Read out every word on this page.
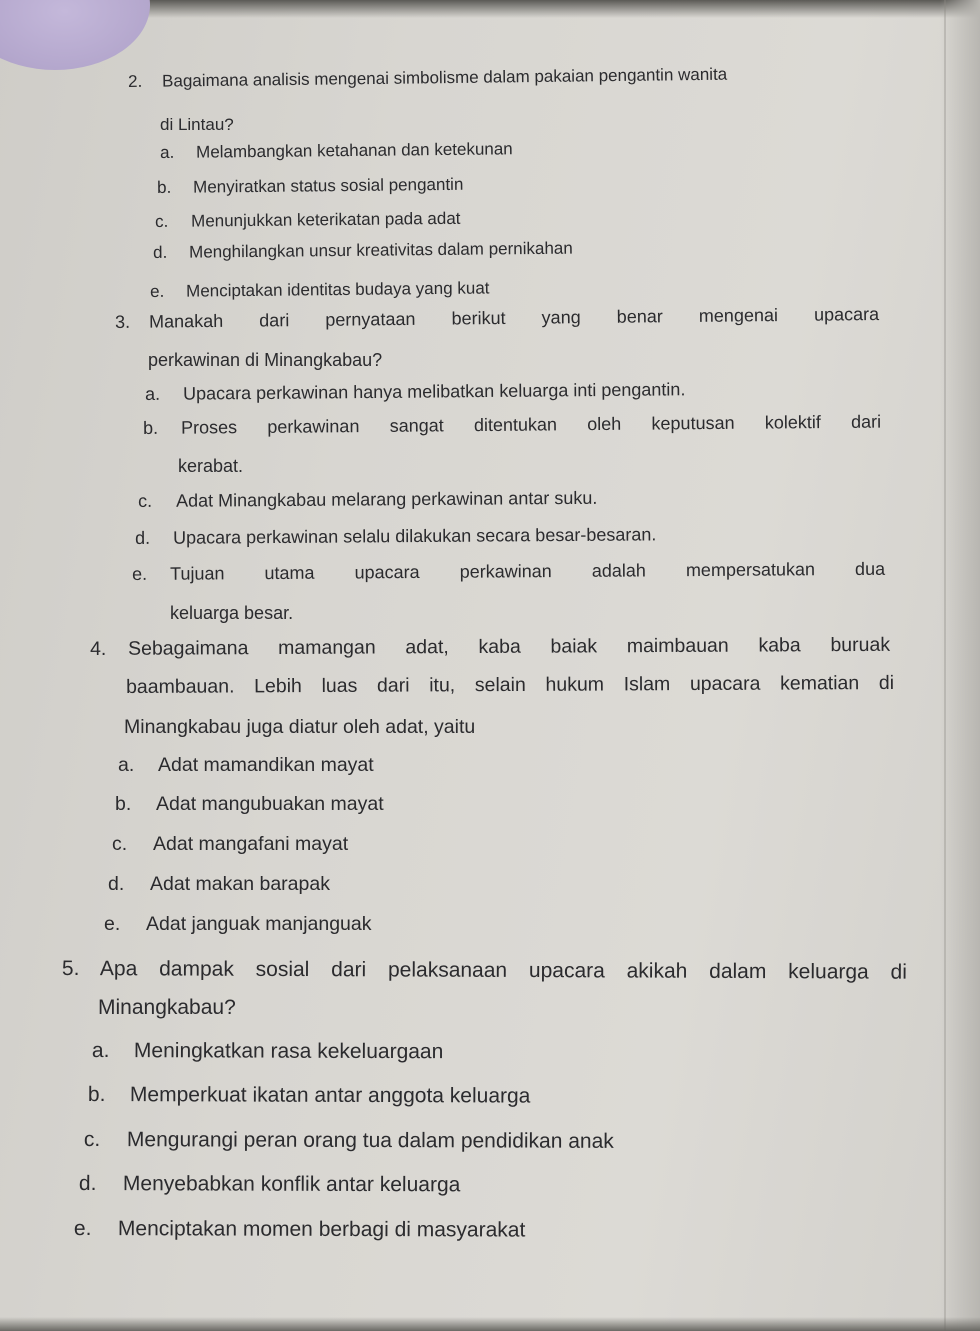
2. Bagaimana analisis mengenai simbolisme dalam pakaian pengantin wanita
di Lintau?
a. Melambangkan ketahanan dan ketekunan
b. Menyiratkan status sosial pengantin
c. Menunjukkan keterikatan pada adat
d. Menghilangkan unsur kreativitas dalam pernikahan
e. Menciptakan identitas budaya yang kuat
3. Manakah dari pernyataan berikut yang benar mengenai upacara
perkawinan di Minangkabau?
a. Upacara perkawinan hanya melibatkan keluarga inti pengantin.
b. Proses perkawinan sangat ditentukan oleh keputusan kolektif dari
kerabat.
c. Adat Minangkabau melarang perkawinan antar suku.
d. Upacara perkawinan selalu dilakukan secara besar-besaran.
e. Tujuan utama upacara perkawinan adalah mempersatukan dua
keluarga besar.
4. Sebagaimana mamangan adat, kaba baiak maimbauan kaba buruak
baambauan. Lebih luas dari itu, selain hukum Islam upacara kematian di
Minangkabau juga diatur oleh adat, yaitu
a. Adat mamandikan mayat
b. Adat mangubuakan mayat
c. Adat mangafani mayat
d. Adat makan barapak
e. Adat janguak manjanguak
5. Apa dampak sosial dari pelaksanaan upacara akikah dalam keluarga di
Minangkabau?
a. Meningkatkan rasa kekeluargaan
b. Memperkuat ikatan antar anggota keluarga
c. Mengurangi peran orang tua dalam pendidikan anak
d. Menyebabkan konflik antar keluarga
e. Menciptakan momen berbagi di masyarakat
